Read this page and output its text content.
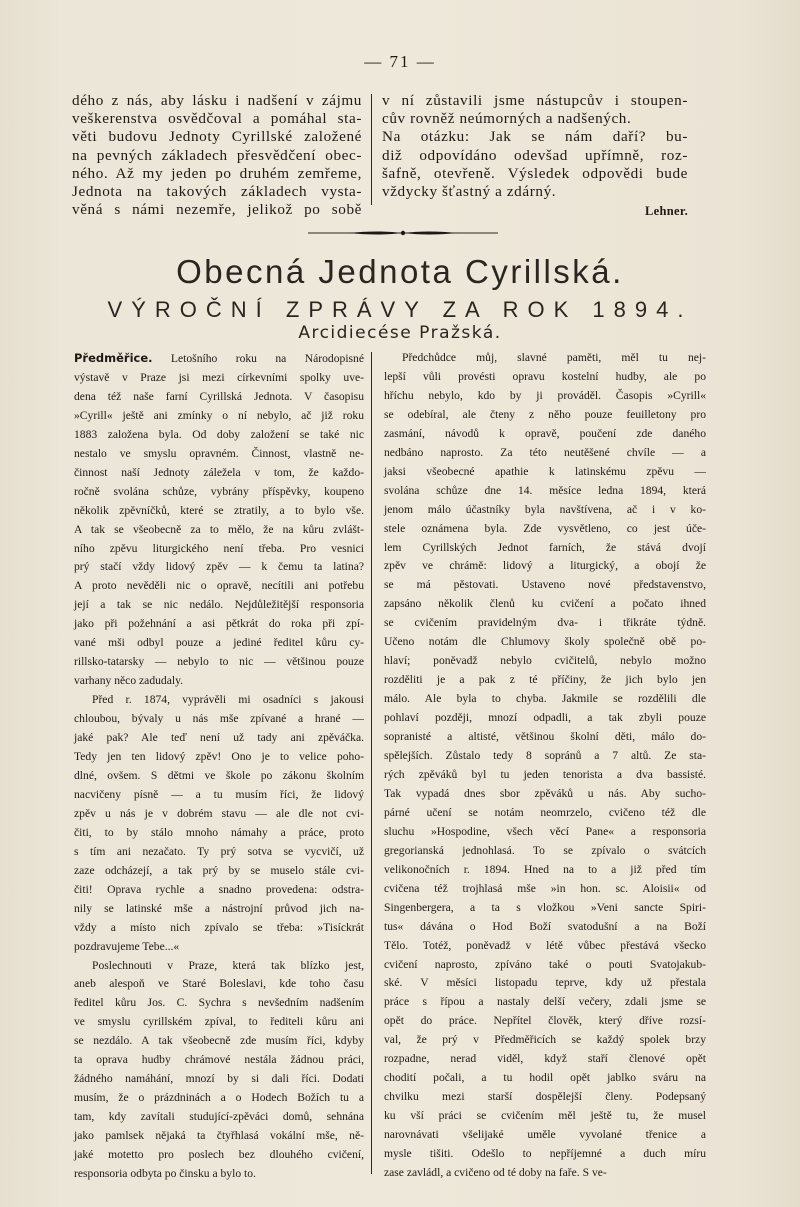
— 71 —
dého z nás, aby lásku i nadšení v zájmu
veškerenstva osvědčoval a pomáhal sta-
věti budovu Jednoty Cyrillské založené
na pevných základech přesvědčení obec-
ného. Až my jeden po druhém zemřeme,
Jednota na takových základech vysta-
věná s námi nezemře, jelikož po sobě
v ní zůstavili jsme nástupcův i stoupen-
cův rovněž neúmorných a nadšených.
Na otázku: Jak se nám daří? bu-
diž odpovídáno odevšad upřímně, roz-
šafně, otevřeně. Výsledek odpovědi bude
vždycky šťastný a zdárný.
Lehner.
Obecná Jednota Cyrillská.
VÝROČNÍ ZPRÁVY ZA ROK 1894.
Arcidiecése Pražská.
Předměřice. Letošního roku na Národopisné
výstavě v Praze jsi mezi církevními spolky uve-
dena též naše farní Cyrillská Jednota. V časopisu
»Cyrill« ještě ani zmínky o ní nebylo, ač již roku
1883 založena byla. Od doby založení se také nic
nestalo ve smyslu opravném. Činnost, vlastně ne-
činnost naší Jednoty záležela v tom, že každo-
ročně svolána schůze, vybrány příspěvky, koupeno
několik zpěvníčků, které se ztratily, a to bylo vše.
A tak se všeobecně za to mělo, že na kůru zvlášt-
ního zpěvu liturgického není třeba. Pro vesnici
prý stačí vždy lidový zpěv — k čemu ta latina?
A proto nevěděli nic o opravě, necítili ani potřebu
její a tak se nic nedálo. Nejdůležitější responsoria
jako při požehnání a asi pětkrát do roka při zpí-
vané mši odbyl pouze a jediné ředitel kůru cy-
rillsko-tatarsky — nebylo to nic — většinou pouze
varhany něco zadudaly.
Před r. 1874, vyprávěli mi osadníci s jakousi
chloubou, bývaly u nás mše zpívané a hrané —
jaké pak? Ale teď není už tady ani zpěváčka.
Tedy jen ten lidový zpěv! Ono je to velice poho-
dlné, ovšem. S dětmi ve škole po zákonu školním
nacvičeny písně — a tu musím říci, že lidový
zpěv u nás je v dobrém stavu — ale dle not cvi-
čiti, to by stálo mnoho námahy a práce, proto
s tím ani nezačato. Ty prý sotva se vycvičí, už
zaze odcházejí, a tak prý by se muselo stále cvi-
čiti! Oprava rychle a snadno provedena: odstra-
nily se latinské mše a nástrojní průvod jich na-
vždy a místo nich zpívalo se třeba: »Tisíckrát
pozdravujeme Tebe...«
Poslechnouti v Praze, která tak blízko jest,
aneb alespoň ve Staré Boleslavi, kde toho času
ředitel kůru Jos. C. Sychra s nevšedním nadšením
ve smyslu cyrillském zpíval, to řediteli kůru ani
se nezdálo. A tak všeobecně zde musím říci, kdyby
ta oprava hudby chrámové nestála žádnou práci,
žádného namáhání, mnozí by si dali říci. Dodati
musím, že o prázdninách a o Hodech Božích tu a
tam, kdy zavítali studující-zpěváci domů, sehnána
jako pamlsek nějaká ta čtyřhlasá vokální mše, ně-
jaké motetto pro poslech bez dlouhého cvičení,
responsoria odbyta po činsku a bylo to.
Předchůdce můj, slavné paměti, měl tu nej-
lepší vůli provésti opravu kostelní hudby, ale po
hříchu nebylo, kdo by ji prováděl. Časopis »Cyrill«
se odebíral, ale čteny z něho pouze feuilletony pro
zasmání, návodů k opravě, poučení zde daného
nedbáno naprosto. Za této neutěšené chvíle — a
jaksi všeobecné apathie k latinskému zpěvu —
svolána schůze dne 14. měsíce ledna 1894, která
jenom málo účastníky byla navštívena, ač i v ko-
stele oznámena byla. Zde vysvětleno, co jest úče-
lem Cyrillských Jednot farních, že stává dvojí
zpěv ve chrámě: lidový a liturgický, a obojí že
se má pěstovati. Ustaveno nové představenstvo,
zapsáno několik členů ku cvičení a počato ihned
se cvičením pravidelným dva- i třikráte týdně.
Učeno notám dle Chlumovy školy společně obě po-
hlaví; poněvadž nebylo cvičitelů, nebylo možno
rozděliti je a pak z té příčiny, že jich bylo jen
málo. Ale byla to chyba. Jakmile se rozdělili dle
pohlaví později, mnozí odpadli, a tak zbyli pouze
sopranisté a altisté, většinou školní děti, málo do-
spělejších. Zůstalo tedy 8 sopránů a 7 altů. Ze sta-
rých zpěváků byl tu jeden tenorista a dva bassisté.
Tak vypadá dnes sbor zpěváků u nás. Aby sucho-
párné učení se notám neomrzelo, cvičeno též dle
sluchu »Hospodine, všech věcí Pane« a responsoria
gregorianská jednohlasá. To se zpívalo o svátcích
velikonočních r. 1894. Hned na to a již před tím
cvičena též trojhlasá mše »in hon. sc. Aloisii« od
Singenbergera, a ta s vložkou »Veni sancte Spiri-
tus« dávána o Hod Boží svatodušní a na Boží
Tělo. Totéž, poněvadž v létě vůbec přestává všecko
cvičení naprosto, zpíváno také o pouti Svatojakub-
ské. V měsíci listopadu teprve, kdy už přestala
práce s řípou a nastaly delší večery, zdali jsme se
opět do práce. Nepřítel člověk, který dříve rozsí-
val, že prý v Předměřicích se každý spolek brzy
rozpadne, nerad viděl, když staří členové opět
chodití počali, a tu hodil opět jablko sváru na
chvilku mezi starší dospělejší členy. Podepsaný
ku vší práci se cvičením měl ještě tu, že musel
narovnávati všelijaké uměle vyvolané třenice a
mysle tišiti. Odešlo to nepříjemné a duch míru
zase zavládl, a cvičeno od té doby na faře. S ve-
